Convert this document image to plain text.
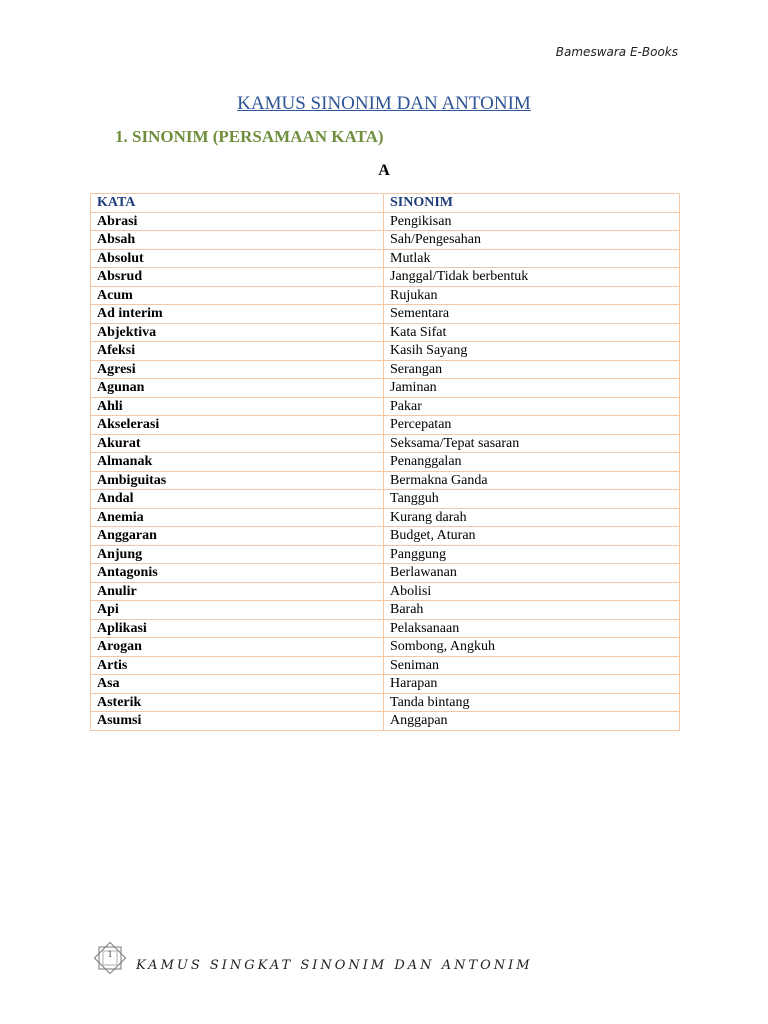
Bameswara E-Books
KAMUS SINONIM DAN ANTONIM
1. SINONIM (PERSAMAAN KATA)
A
KATA	SINONIM
Abrasi	Pengikisan
Absah	Sah/Pengesahan
Absolut	Mutlak
Absrud	Janggal/Tidak berbentuk
Acum	Rujukan
Ad interim	Sementara
Abjektiva	Kata Sifat
Afeksi	Kasih Sayang
Agresi	Serangan
Agunan	Jaminan
Ahli	Pakar
Akselerasi	Percepatan
Akurat	Seksama/Tepat sasaran
Almanak	Penanggalan
Ambiguitas	Bermakna Ganda
Andal	Tangguh
Anemia	Kurang darah
Anggaran	Budget, Aturan
Anjung	Panggung
Antagonis	Berlawanan
Anulir	Abolisi
Api	Barah
Aplikasi	Pelaksanaan
Arogan	Sombong, Angkuh
Artis	Seniman
Asa	Harapan
Asterik	Tanda bintang
Asumsi	Anggapan
1
KAMUS SINGKAT SINONIM DAN ANTONIM
